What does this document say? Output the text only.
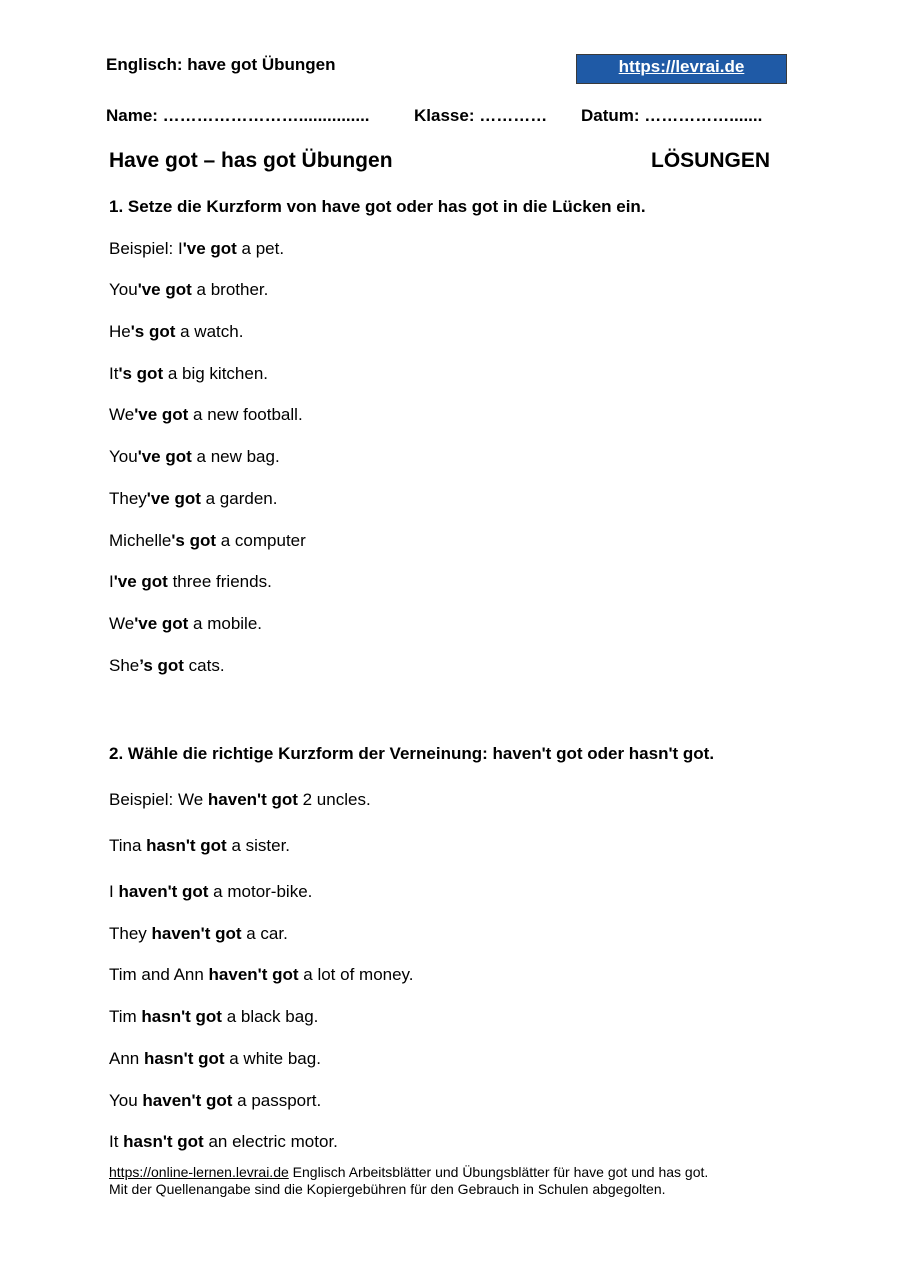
Englisch: have got Übungen	https://levrai.de
Name: ……………………...............	Klasse: ………… Datum: …………….......
Have got – has got Übungen	LÖSUNGEN
1. Setze die Kurzform von have got oder has got in die Lücken ein.
Beispiel: I've got a pet.
You've got a brother.
He's got a watch.
It's got a big kitchen.
We've got a new football.
You've got a new bag.
They've got a garden.
Michelle's got a computer
I've got three friends.
We've got a mobile.
She’s got cats.
2. Wähle die richtige Kurzform der Verneinung: haven't got oder hasn't got.
Beispiel: We haven't got 2 uncles.
Tina hasn't got a sister.
I haven't got a motor-bike.
They haven't got a car.
Tim and Ann haven't got a lot of money.
Tim hasn't got a black bag.
Ann hasn't got a white bag.
You haven't got a passport.
It hasn't got an electric motor.
https://online-lernen.levrai.de Englisch Arbeitsblätter und Übungsblätter für have got und has got.
Mit der Quellenangabe sind die Kopiergebühren für den Gebrauch in Schulen abgegolten.
